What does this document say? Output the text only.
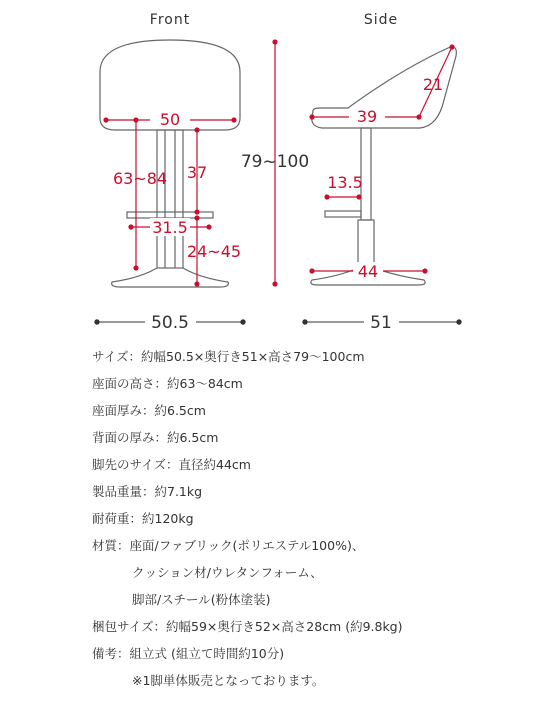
Front	Side
50
63~84 37
31.5
24~45
79~100
50.5
21
39
13.5
44
51
サイズ：約幅50.5×奥行き51×高さ79〜100cm
座面の高さ：約63〜84cm
座面厚み：約6.5cm
背面の厚み：約6.5cm
脚先のサイズ：直径約44cm
製品重量：約7.1kg
耐荷重：約120kg
材質：座面/ファブリック(ポリエステル100%)、
クッション材/ウレタンフォーム、
脚部/スチール(粉体塗装)
梱包サイズ：約幅59×奥行き52×高さ28cm (約9.8kg)
備考：組立式 (組立て時間約10分)
※1脚単体販売となっております。
